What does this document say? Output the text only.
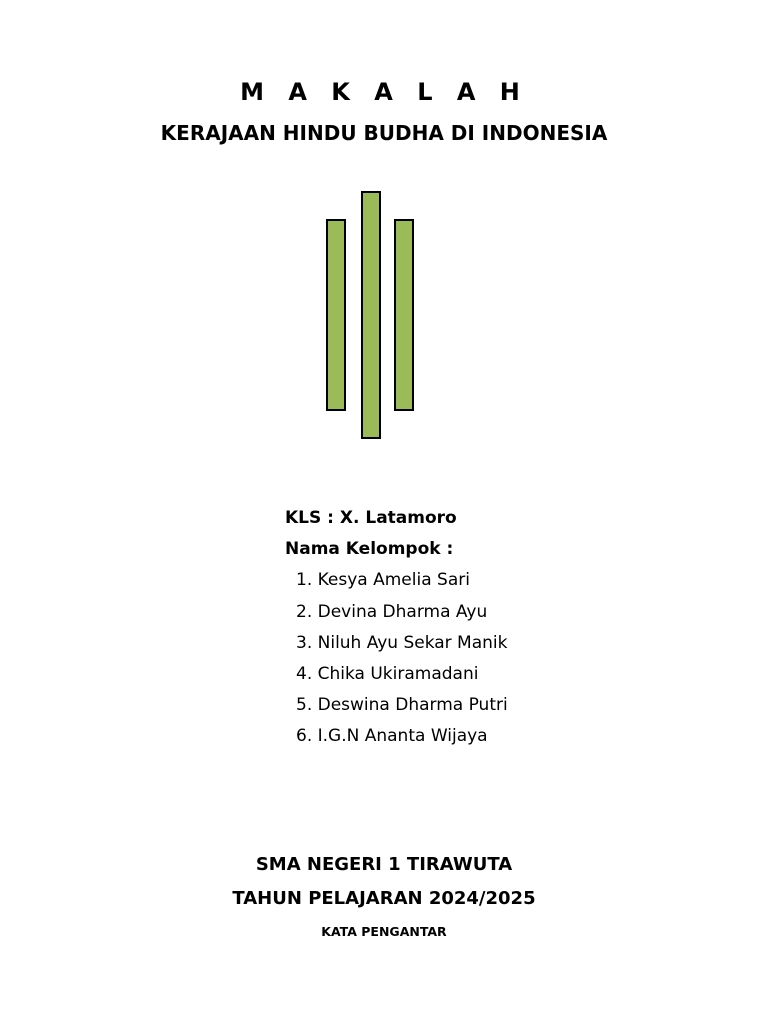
M A K A L A H
KERAJAAN HINDU BUDHA DI INDONESIA
KLS : X. Latamoro
Nama Kelompok :
1. Kesya Amelia Sari
2. Devina Dharma Ayu
3. Niluh Ayu Sekar Manik
4. Chika Ukiramadani
5. Deswina Dharma Putri
6. I.G.N Ananta Wijaya
SMA NEGERI 1 TIRAWUTA
TAHUN PELAJARAN 2024/2025
KATA PENGANTAR
